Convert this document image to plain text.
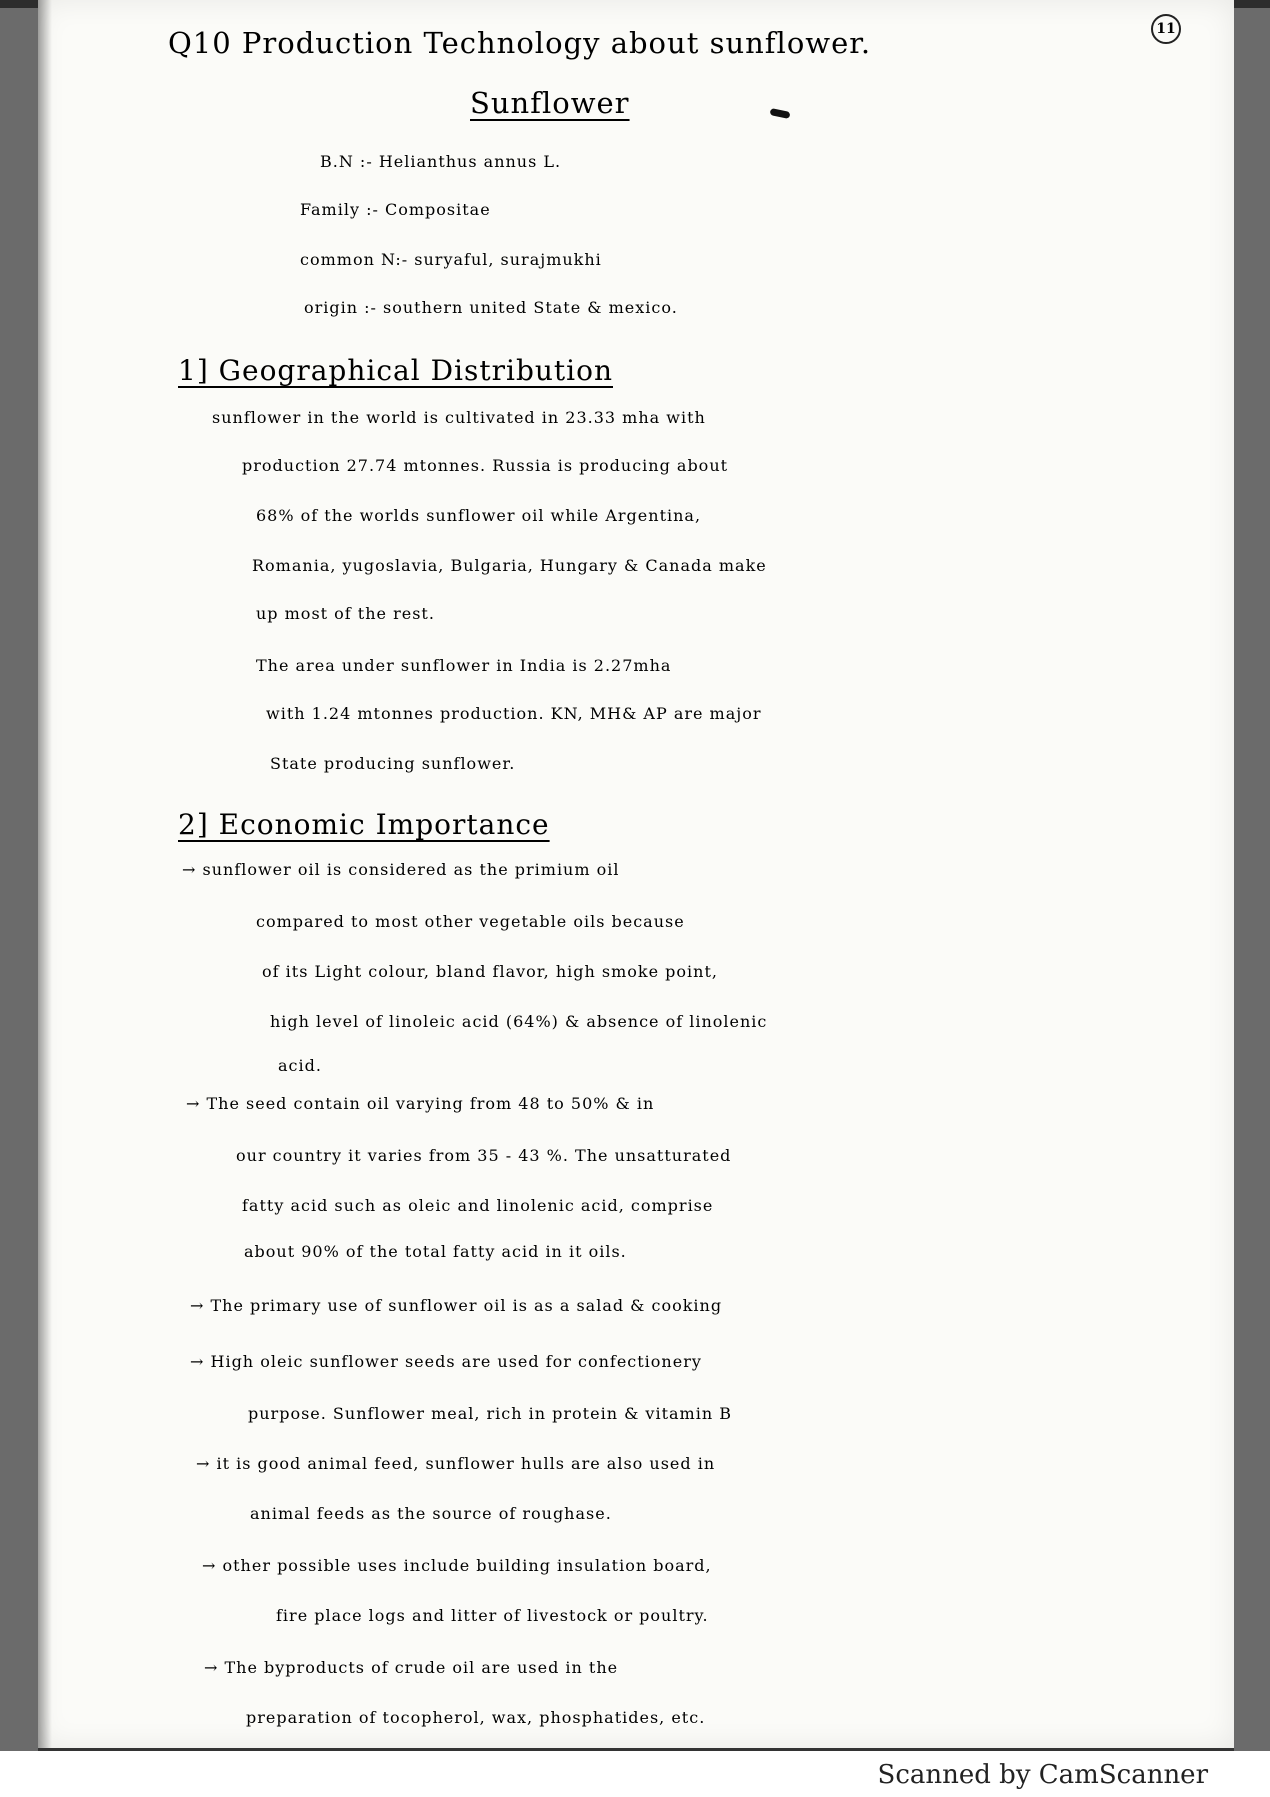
11
Q10 Production Technology about sunflower.
Sunflower
B.N :- Helianthus annus L.
Family :- Compositae
common N:- suryaful, surajmukhi
origin :- southern united State & mexico.
1] Geographical Distribution
sunflower in the world is cultivated in 23.33 mha with
production 27.74 mtonnes. Russia is producing about
68% of the worlds sunflower oil while Argentina,
Romania, yugoslavia, Bulgaria, Hungary & Canada make
up most of the rest.
The area under sunflower in India is 2.27mha
with 1.24 mtonnes production. KN, MH& AP are major
State producing sunflower.
2] Economic Importance
→ sunflower oil is considered as the primium oil
compared to most other vegetable oils because
of its Light colour, bland flavor, high smoke point,
high level of linoleic acid (64%) & absence of linolenic
acid.
→ The seed contain oil varying from 48 to 50% & in
our country it varies from 35 - 43 %. The unsatturated
fatty acid such as oleic and linolenic acid, comprise
about 90% of the total fatty acid in it oils.
→ The primary use of sunflower oil is as a salad & cooking
→ High oleic sunflower seeds are used for confectionery
purpose. Sunflower meal, rich in protein & vitamin B
→ it is good animal feed, sunflower hulls are also used in
animal feeds as the source of roughase.
→ other possible uses include building insulation board,
fire place logs and litter of livestock or poultry.
→ The byproducts of crude oil are used in the
preparation of tocopherol, wax, phosphatides, etc.
Scanned by CamScanner
